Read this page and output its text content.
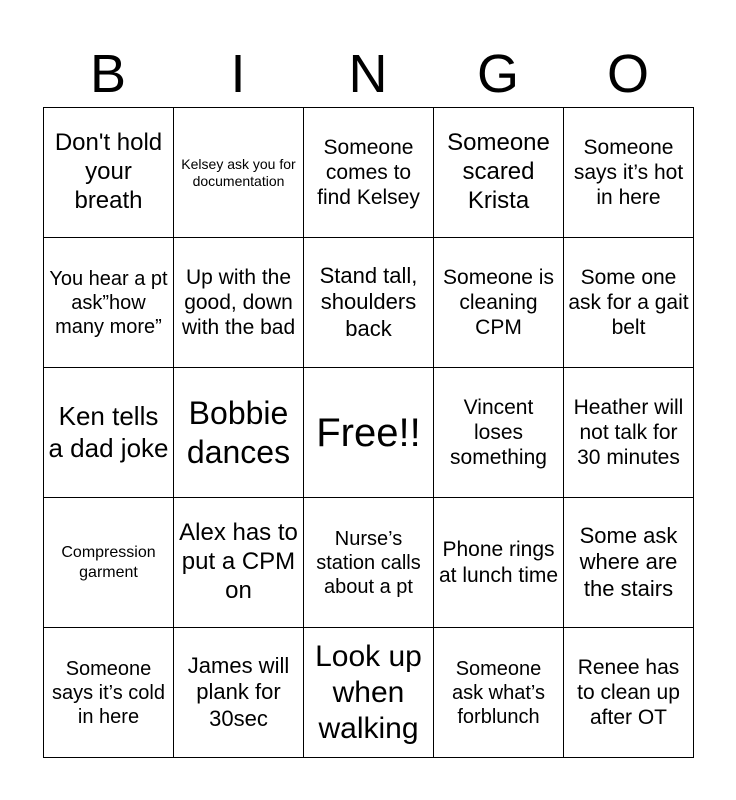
B	I	N	G	O
Don't hold your breath	Kelsey ask you for documentation	Someone comes to find Kelsey	Someone scared Krista	Someone says it’s hot in here
You hear a pt ask”how many more”	Up with the good, down with the bad	Stand tall, shoulders back	Someone is cleaning CPM	Some one ask for a gait belt
Ken tells a dad joke	Bobbie dances	Free!!	Vincent loses something	Heather will not talk for 30 minutes
Compression garment	Alex has to put a CPM on	Nurse’s station calls about a pt	Phone rings at lunch time	Some ask where are the stairs
Someone says it’s cold in here	James will plank for 30sec	Look up when walking	Someone ask what’s forblunch	Renee has to clean up after OT
